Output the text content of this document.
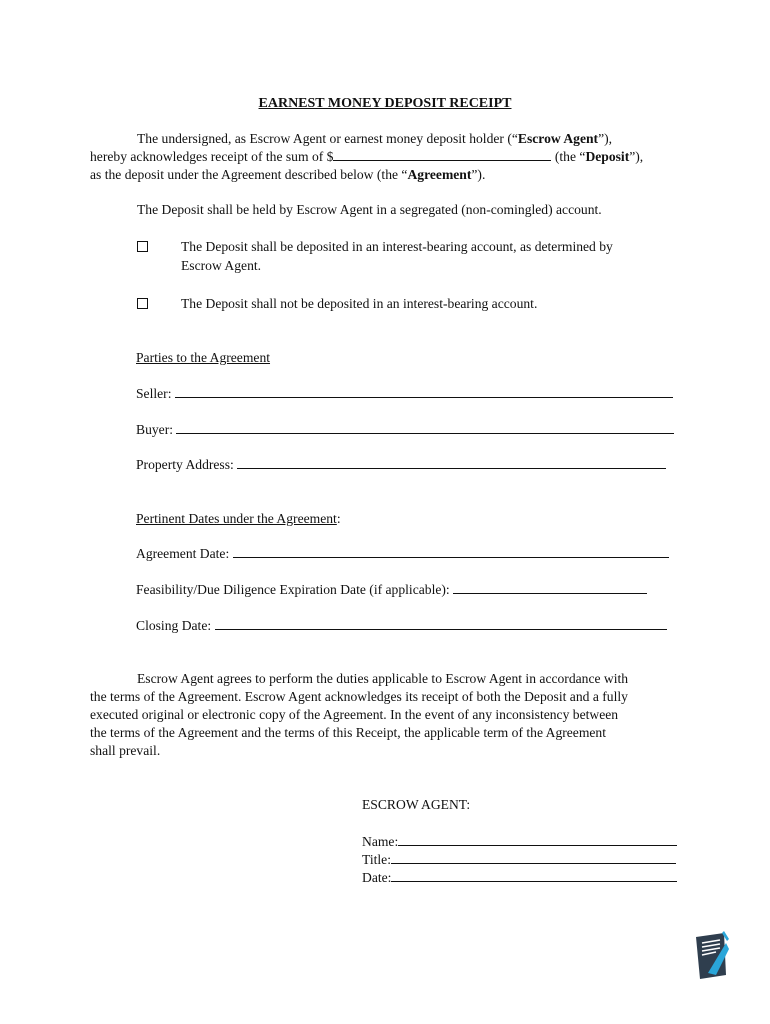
EARNEST MONEY DEPOSIT RECEIPT
The undersigned, as Escrow Agent or earnest money deposit holder (“Escrow Agent”),
hereby acknowledges receipt of the sum of $	(the “Deposit”),
as the deposit under the Agreement described below (the “Agreement”).
The Deposit shall be held by Escrow Agent in a segregated (non-comingled) account.
The Deposit shall be deposited in an interest-bearing account, as determined by
Escrow Agent.
The Deposit shall not be deposited in an interest-bearing account.
Parties to the Agreement
Seller:
Buyer:
Property Address:
Pertinent Dates under the Agreement:
Agreement Date:
Feasibility/Due Diligence Expiration Date (if applicable):
Closing Date:
Escrow Agent agrees to perform the duties applicable to Escrow Agent in accordance with
the terms of the Agreement. Escrow Agent acknowledges its receipt of both the Deposit and a fully
executed original or electronic copy of the Agreement. In the event of any inconsistency between
the terms of the Agreement and the terms of this Receipt, the applicable term of the Agreement
shall prevail.
ESCROW AGENT:
Name:
Title:
Date:
